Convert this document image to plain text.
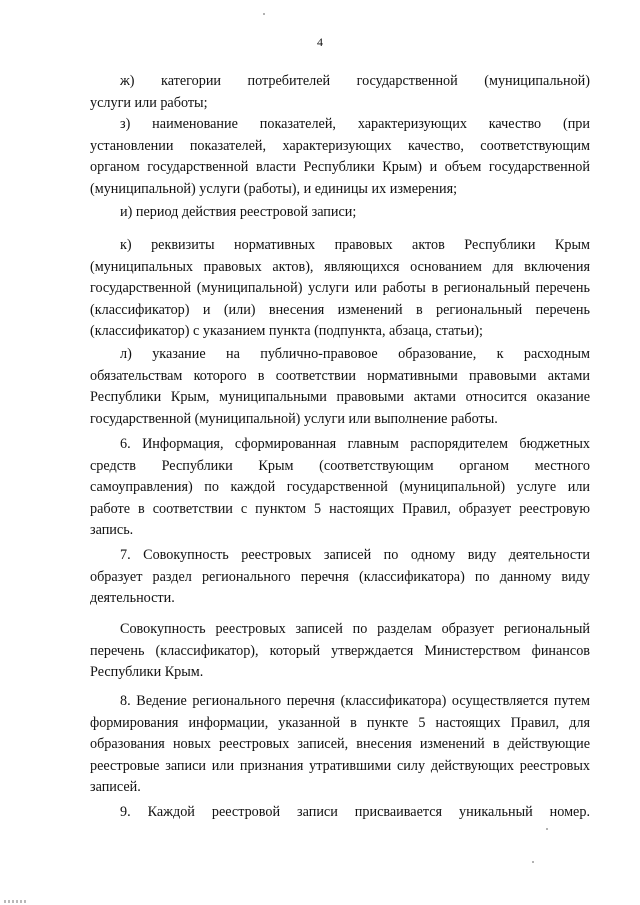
4
ж) категории потребителей государственной (муниципальной)
услуги или работы;
з) наименование показателей, характеризующих качество (при
установлении показателей, характеризующих качество, соответствующим
органом государственной власти Республики Крым) и объем государственной
(муниципальной) услуги (работы), и единицы их измерения;
и) период действия реестровой записи;
к) реквизиты нормативных правовых актов Республики Крым
(муниципальных правовых актов), являющихся основанием для включения
государственной (муниципальной) услуги или работы в региональный перечень
(классификатор) и (или) внесения изменений в региональный перечень
(классификатор) с указанием пункта (подпункта, абзаца, статьи);
л) указание на публично-правовое образование, к расходным
обязательствам которого в соответствии нормативными правовыми актами
Республики Крым, муниципальными правовыми актами относится оказание
государственной (муниципальной) услуги или выполнение работы.
6. Информация, сформированная главным распорядителем бюджетных
средств Республики Крым (соответствующим органом местного
самоуправления) по каждой государственной (муниципальной) услуге или
работе в соответствии с пунктом 5 настоящих Правил, образует реестровую
запись.
7. Совокупность реестровых записей по одному виду деятельности
образует раздел регионального перечня (классификатора) по данному виду
деятельности.
Совокупность реестровых записей по разделам образует региональный
перечень (классификатор), который утверждается Министерством финансов
Республики Крым.
8. Ведение регионального перечня (классификатора) осуществляется путем
формирования информации, указанной в пункте 5 настоящих Правил, для
образования новых реестровых записей, внесения изменений в действующие
реестровые записи или признания утратившими силу действующих реестровых
записей.
9. Каждой реестровой записи присваивается уникальный номер.
